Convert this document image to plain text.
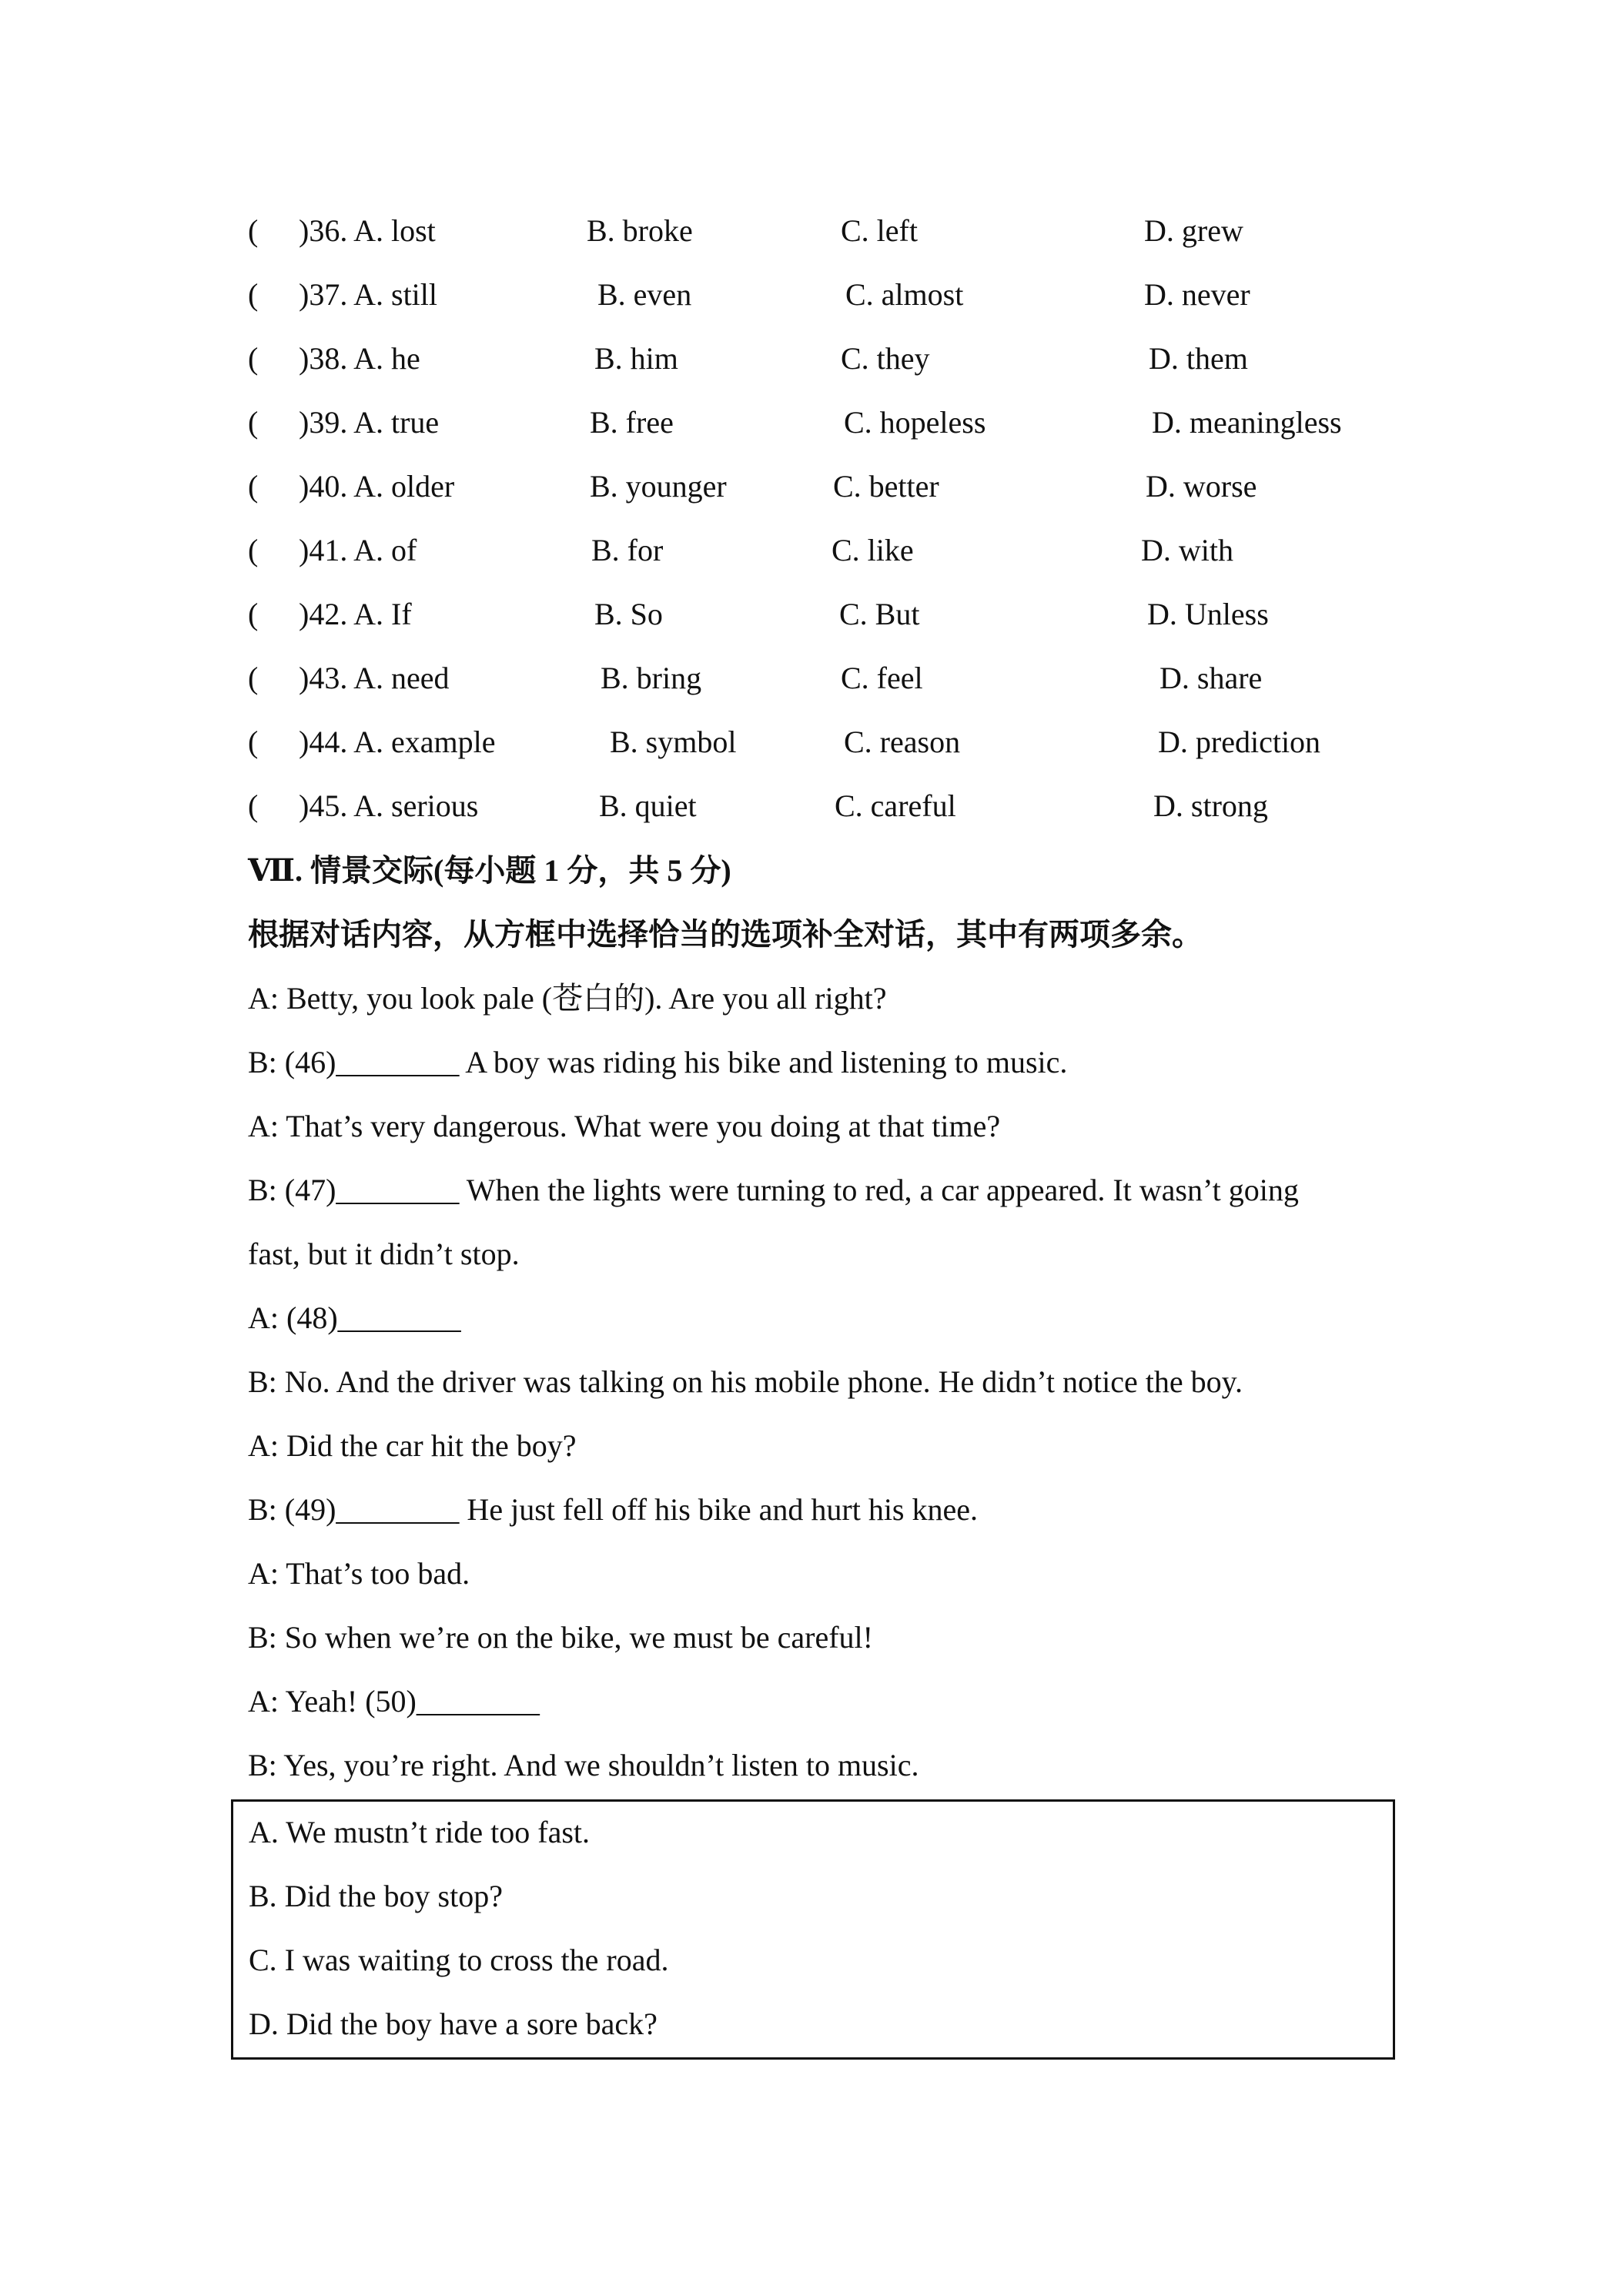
( )36. A. lost	B. broke	C. left	D. grew
( )37. A. still	B. even	C. almost	D. never
( )38. A. he	B. him	C. they	D. them
( )39. A. true	B. free	C. hopeless	D. meaningless
( )40. A. older	B. younger	C. better	D. worse
( )41. A. of	B. for	C. like	D. with
( )42. A. If	B. So	C. But	D. Unless
( )43. A. need	B. bring	C. feel	D. share
( )44. A. example	B. symbol	C. reason	D. prediction
( )45. A. serious	B. quiet	C. careful	D. strong
Ⅶ. 情景交际(每小题 1 分，共 5 分)
根据对话内容，从方框中选择恰当的选项补全对话，其中有两项多余。
A: Betty, you look pale (苍白的). Are you all right?
B: (46)________ A boy was riding his bike and listening to music.
A: That’s very dangerous. What were you doing at that time?
B: (47)________ When the lights were turning to red, a car appeared. It wasn’t going
fast, but it didn’t stop.
A: (48)________
B: No. And the driver was talking on his mobile phone. He didn’t notice the boy.
A: Did the car hit the boy?
B: (49)________ He just fell off his bike and hurt his knee.
A: That’s too bad.
B: So when we’re on the bike, we must be careful!
A: Yeah! (50)________
B: Yes, you’re right. And we shouldn’t listen to music.
A. We mustn’t ride too fast.
B. Did the boy stop?
C. I was waiting to cross the road.
D. Did the boy have a sore back?
